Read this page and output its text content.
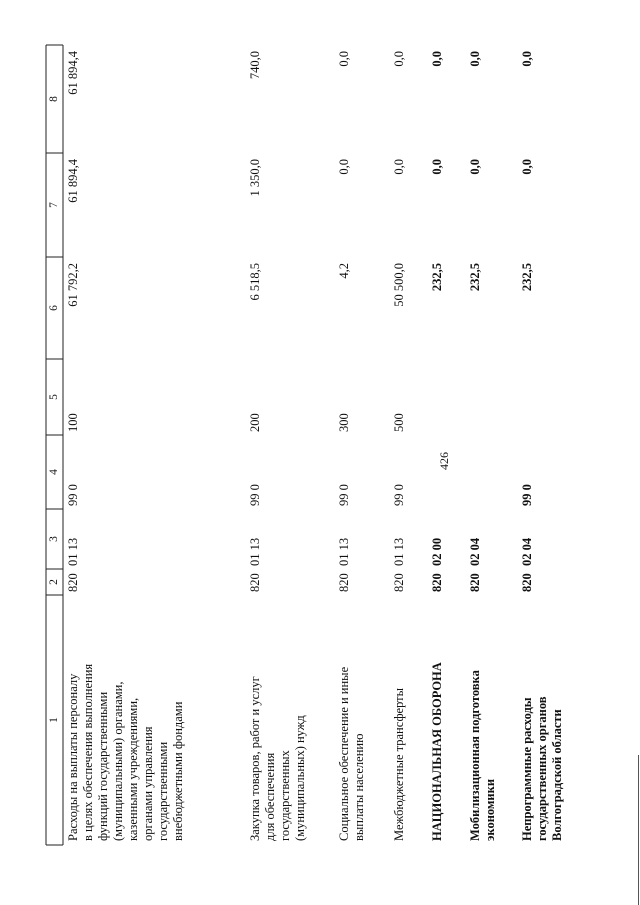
426
1
2
3
4
5
6
7
8
Расходы на выплаты персоналу в целях обеспечения выполнения функций государственными (муниципальными) органами, казенными учреждениями, органами управления государственными внебюджетными фондами
820
01 13
99 0
100
61 792,2
61 894,4
61 894,4
Закупка товаров, работ и услуг для обеспечения государственных (муниципальных) нужд
820
01 13
99 0
200
6 518,5
1 350,0
740,0
Социальное обеспечение и иные выплаты населению
820
01 13
99 0
300
4,2
0,0
0,0
Межбюджетные трансферты
820
01 13
99 0
500
50 500,0
0,0
0,0
НАЦИОНАЛЬНАЯ ОБОРОНА
820
02 00
232,5
0,0
0,0
Мобилизационная подготовка экономики
820
02 04
232,5
0,0
0,0
Непрограммные расходы государственных органов Волгоградской области
820
02 04
99 0
232,5
0,0
0,0
